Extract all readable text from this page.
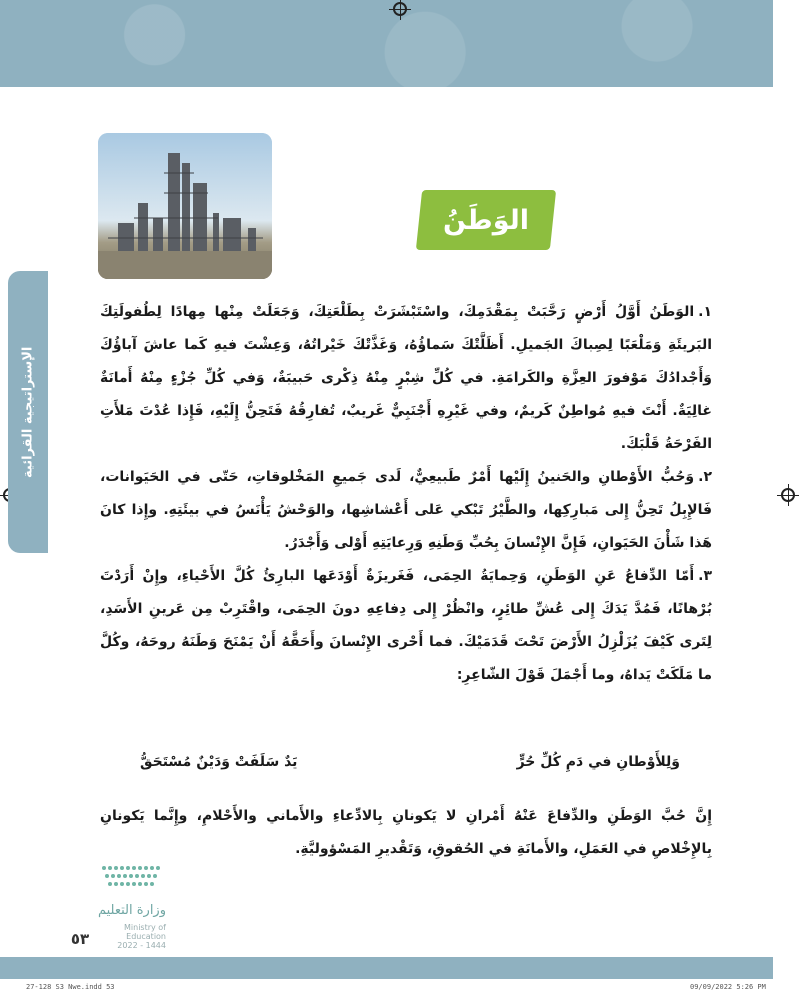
الوَطَنُ
الإستراتيجية القرائية

١.الوَطَنُ أَوَّلُ أَرْضٍ رَحَّبَتْ بِمَقْدَمِكَ، واسْتَبْشَرَتْ بِطَلْعَتِكَ، وَجَعَلَتْ مِنْها مِهادًا لِطُفولَتِكَ البَريئَةِ وَمَلْعَبًا لِصِباكَ الجَميلِ. أَظَلَّتْكَ سَماؤُهُ، وَغَذَّتْكَ خَيْراتُهُ، وَعِشْتَ فيهِ كَما عاشَ آباؤُكَ وَأَجْدادُكَ مَوْفورَ العِزَّةِ والكَرامَةِ. في كُلِّ شِبْرٍ مِنْهُ ذِكْرى حَبيبَةٌ، وَفي كُلِّ جُزْءٍ مِنْهُ أَمانَةٌ غالِيَةٌ. أَنْتَ فيهِ مُواطِنٌ كَريمٌ، وفي غَيْرِهِ أَجْنَبِيٌّ غَريبٌ، تُفارِقُهُ فَتَحِنُّ إِلَيْهِ، فَإِذا عُدْتَ مَلأَتِ الفَرْحَةُ قَلْبَكَ.

٢.وَحُبُّ الأَوْطانِ والحَنينُ إِلَيْها أَمْرٌ طَبيعِيٌّ، لَدى جَميعِ المَخْلوقاتِ، حَتّى في الحَيَوانات، فَالإِبِلُ تَحِنُّ إِلى مَبارِكِها، والطَّيْرُ تَبْكي عَلى أَعْشاشِها، والوَحْشُ يَأْنَسُ في بيئَتِهِ. وإِذا كانَ هَذا شَأْنَ الحَيَوانِ، فَإِنَّ الإِنْسانَ بِحُبِّ وَطَنِهِ وَرِعايَتِهِ أَوْلى وَأَجْدَرُ.

٣.أَمّا الدِّفاعُ عَنِ الوَطَنِ، وَحِمايَةُ الحِمَى، فَغَريزَةٌ أَوْدَعَها البارِئُ كُلَّ الأَحْياءِ، وإِنْ أَرَدْتَ بُرْهانًا، فَمُدَّ يَدَكَ إِلى عُشِّ طائِرٍ، وانْظُرْ إِلى دِفاعِهِ دونَ الحِمَى، واقْتَرِبْ مِن عَرينِ الأَسَدِ، لِتَرى كَيْفَ يُزَلْزِلُ الأَرْضَ تَحْتَ قَدَمَيْكَ. فما أَحْرى الإِنْسانَ وأَحَقَّهُ أَنْ يَمْنَحَ وَطَنَهُ روحَهُ، وكُلَّ ما مَلَكَتْ يَداهُ، وما أَجْمَلَ قَوْلَ الشّاعِرِ:

وَلِلأَوْطانِ في دَمِ كُلِّ حُرٍّ
يَدٌ سَلَفَتْ وَدَيْنٌ مُسْتَحَقُّ
إِنَّ حُبَّ الوَطَنِ والدِّفاعَ عَنْهُ أَمْرانِ لا يَكونانِ بِالادِّعاءِ والأَماني والأَحْلامِ، وإِنَّما يَكونانِ بِالإِخْلاصِ في العَمَلِ، والأَمانَةِ في الحُقوقِ، وَتَقْديرِ المَسْؤوليَّةِ.
وزارة التعليم
Ministry of Education
2022 - 1444
٥٣
27-128 S3 Nwe.indd 53	09/09/2022 5:26 PM
